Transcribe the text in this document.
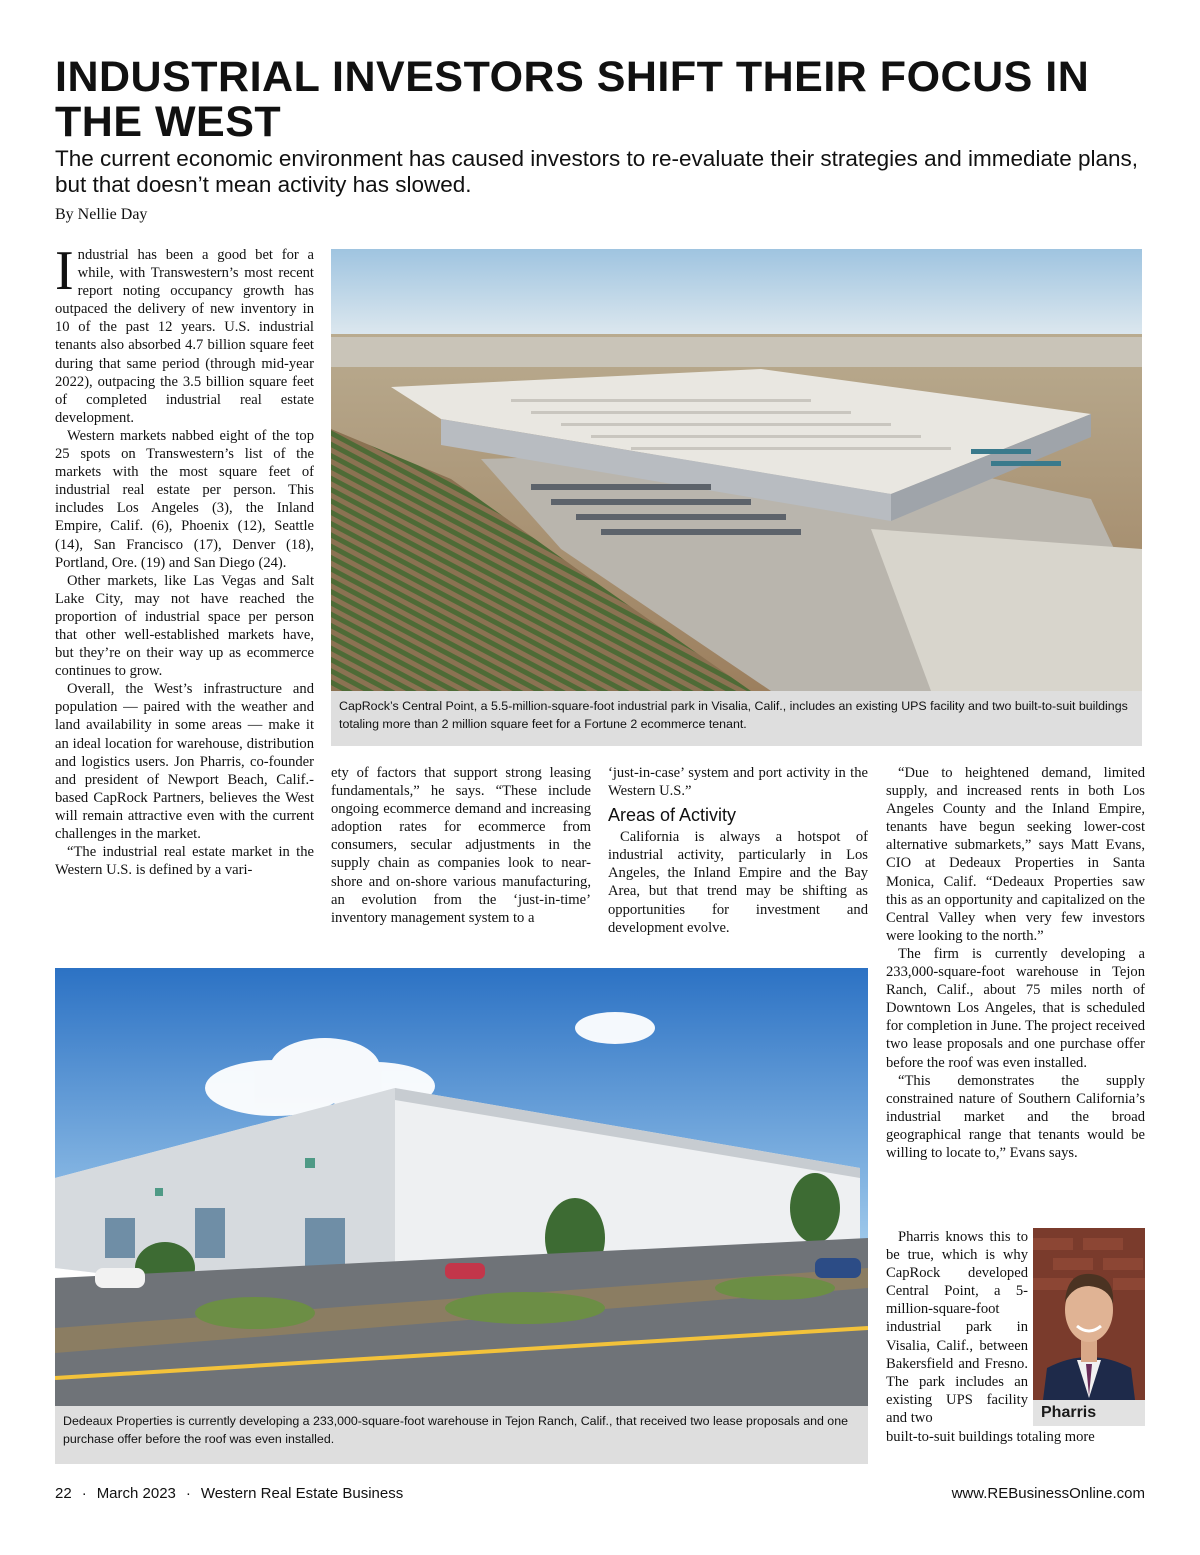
INDUSTRIAL INVESTORS SHIFT THEIR FOCUS IN THE WEST

The current economic environment has caused investors to re-evaluate their strategies and immediate plans, but that doesn’t mean activity has slowed.

By Nellie Day

Industrial has been a good bet for a while, with Transwestern’s most recent report noting occupancy growth has outpaced the delivery of new inventory in 10 of the past 12 years. U.S. industrial tenants also absorbed 4.7 billion square feet during that same period (through mid-year 2022), outpacing the 3.5 billion square feet of completed industrial real estate development.

Western markets nabbed eight of the top 25 spots on Transwestern’s list of the markets with the most square feet of industrial real estate per person. This includes Los Angeles (3), the Inland Empire, Calif. (6), Phoenix (12), Seattle (14), San Francisco (17), Denver (18), Portland, Ore. (19) and San Diego (24).

Other markets, like Las Vegas and Salt Lake City, may not have reached the proportion of industrial space per person that other well-established markets have, but they’re on their way up as ecommerce continues to grow.

Overall, the West’s infrastructure and population — paired with the weather and land availability in some areas — make it an ideal location for warehouse, distribution and logistics users. Jon Pharris, co-founder and president of Newport Beach, Calif.-based CapRock Partners, believes the West will remain attractive even with the current challenges in the market.

“The industrial real estate market in the Western U.S. is defined by a vari-

CapRock’s Central Point, a 5.5-million-square-foot industrial park in Visalia, Calif., includes an existing UPS facility and two built-to-suit buildings totaling more than 2 million square feet for a Fortune 2 ecommerce tenant.

ety of factors that support strong leasing fundamentals,” he says. “These include ongoing ecommerce demand and increasing adoption rates for ecommerce from consumers, secular adjustments in the supply chain as companies look to near-shore and on-shore various manufacturing, an evolution from the ‘just-in-time’ inventory management system to a

‘just-in-case’ system and port activity in the Western U.S.”

Areas of Activity

California is always a hotspot of industrial activity, particularly in Los Angeles, the Inland Empire and the Bay Area, but that trend may be shifting as opportunities for investment and development evolve.

“Due to heightened demand, limited supply, and increased rents in both Los Angeles County and the Inland Empire, tenants have begun seeking lower-cost alternative submarkets,” says Matt Evans, CIO at Dedeaux Properties in Santa Monica, Calif. “Dedeaux Properties saw this as an opportunity and capitalized on the Central Valley when very few investors were looking to the north.”

The firm is currently developing a 233,000-square-foot warehouse in Tejon Ranch, Calif., about 75 miles north of Downtown Los Angeles, that is scheduled for completion in June. The project received two lease proposals and one purchase offer before the roof was even installed.

“This demonstrates the supply constrained nature of Southern California’s industrial market and the broad geographical range that tenants would be willing to locate to,” Evans says.

Pharris knows this to be true, which is why CapRock developed Central Point, a 5-million-square-foot industrial park in Visalia, Calif., between Bakersfield and Fresno. The park includes an existing UPS facility and two

built-to-suit buildings totaling more

Pharris
Dedeaux Properties is currently developing a 233,000-square-foot warehouse in Tejon Ranch, Calif., that received two lease proposals and one purchase offer before the roof was even installed.
22 · March 2023 · Western Real Estate Business	www.REBusinessOnline.com
